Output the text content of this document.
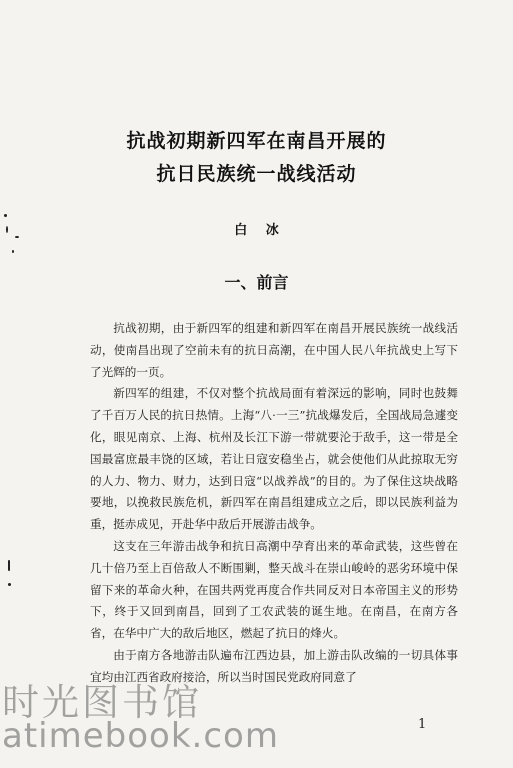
抗战初期新四军在南昌开展的
抗日民族统一战线活动
白 冰
一、前言

抗战初期，由于新四军的组建和新四军在南昌开展民族统一战线活动，使南昌出现了空前未有的抗日高潮，在中国人民八年抗战史上写下了光辉的一页。

新四军的组建，不仅对整个抗战局面有着深远的影响，同时也鼓舞了千百万人民的抗日热情。上海“八·一三”抗战爆发后，全国战局急遽变化，眼见南京、上海、杭州及长江下游一带就要沦于敌手，这一带是全国最富庶最丰饶的区域，若让日寇安稳坐占，就会使他们从此掠取无穷的人力、物力、财力，达到日寇“以战养战”的目的。为了保住这块战略要地，以挽救民族危机，新四军在南昌组建成立之后，即以民族利益为重，挺赤成见，开赴华中敌后开展游击战争。

这支在三年游击战争和抗日高潮中孕育出来的革命武装，这些曾在几十倍乃至上百倍敌人不断围剿，整天战斗在崇山峻岭的恶劣环境中保留下来的革命火种，在国共两党再度合作共同反对日本帝国主义的形势下，终于又回到南昌，回到了工农武装的诞生地。在南昌，在南方各省，在华中广大的敌后地区，燃起了抗日的烽火。

由于南方各地游击队遍布江西边县，加上游击队改编的一切具体事宜均由江西省政府接洽，所以当时国民党政府同意了

1
时光图书馆
atimebook.com
